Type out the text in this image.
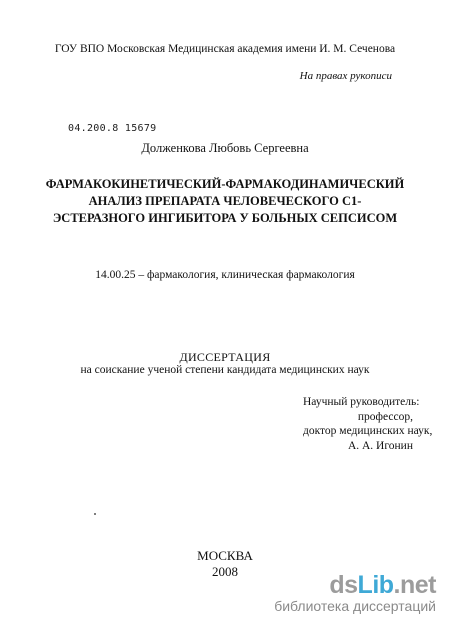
ГОУ ВПО Московская Медицинская академия имени И. М. Сеченова
На правах рукописи
04.200.8 15679
Долженкова Любовь Сергеевна
ФАРМАКОКИНЕТИЧЕСКИЙ-ФАРМАКОДИНАМИЧЕСКИЙ
АНАЛИЗ ПРЕПАРАТА ЧЕЛОВЕЧЕСКОГО С1-
ЭСТЕРАЗНОГО ИНГИБИТОРА У БОЛЬНЫХ СЕПСИСОМ
14.00.25 – фармакология, клиническая фармакология
ДИССЕРТАЦИЯ
на соискание ученой степени кандидата медицинских наук
Научный руководитель:
профессор,
доктор медицинских наук,
А. А. Игонин
МОСКВА
2008	dsLib.net
библиотека диссертаций
